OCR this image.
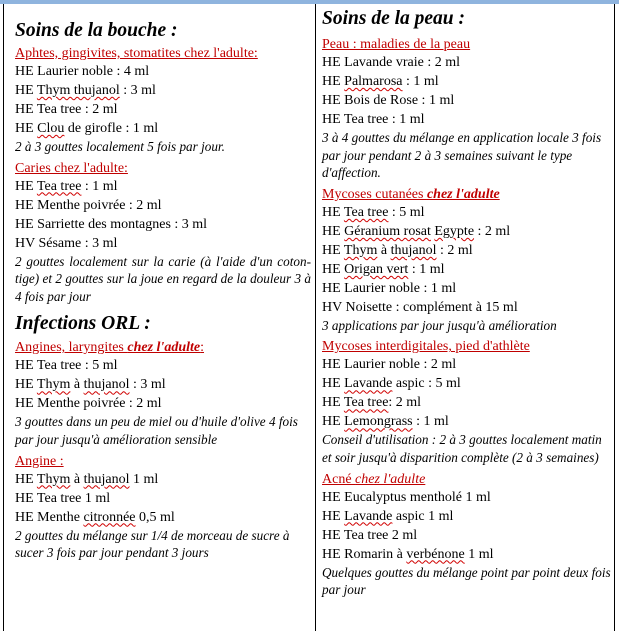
Soins de la bouche :
Aphtes, gingivites, stomatites chez l'adulte:
HE Laurier noble : 4 ml
HE Thym thujanol : 3 ml
HE Tea tree : 2 ml
HE Clou de girofle : 1 ml
2 à 3 gouttes localement 5 fois par jour.
Caries chez l'adulte:
HE Tea tree : 1 ml
HE Menthe poivrée : 2 ml
HE Sarriette des montagnes : 3 ml
HV Sésame : 3 ml
2 gouttes localement sur la carie (à l'aide d'un coton-tige) et 2 gouttes sur la joue en regard de la douleur 3 à 4 fois par jour
Infections ORL :
Angines, laryngites chez l'adulte:
HE Tea tree : 5 ml
HE Thym à thujanol : 3 ml
HE Menthe poivrée : 2 ml
3 gouttes dans un peu de miel ou d'huile d'olive 4 fois par jour jusqu'à amélioration sensible
Angine :
HE Thym à thujanol 1 ml
HE Tea tree 1 ml
HE Menthe citronnée 0,5 ml
2 gouttes du mélange sur 1/4 de morceau de sucre à sucer 3 fois par jour pendant 3 jours
Soins de la peau :
Peau : maladies de la peau
HE Lavande vraie : 2 ml
HE Palmarosa : 1 ml
HE Bois de Rose : 1 ml
HE Tea tree : 1 ml
3 à 4 gouttes du mélange en application locale 3 fois par jour pendant 2 à 3 semaines suivant le type d'affection.
Mycoses cutanées chez l'adulte
HE Tea tree : 5 ml
HE Géranium rosat Egypte : 2 ml
HE Thym à thujanol : 2 ml
HE Origan vert : 1 ml
HE Laurier noble : 1 ml
HV Noisette : complément à 15 ml
3 applications par jour jusqu'à amélioration
Mycoses interdigitales, pied d'athlète
HE Laurier noble : 2 ml
HE Lavande aspic : 5 ml
HE Tea tree: 2 ml
HE Lemongrass : 1 ml
Conseil d'utilisation : 2 à 3 gouttes localement matin et soir jusqu'à disparition complète (2 à 3 semaines)
Acné chez l'adulte
HE Eucalyptus mentholé 1 ml
HE Lavande aspic 1 ml
HE Tea tree 2 ml
HE Romarin à verbénone 1 ml
Quelques gouttes du mélange point par point deux fois par jour
